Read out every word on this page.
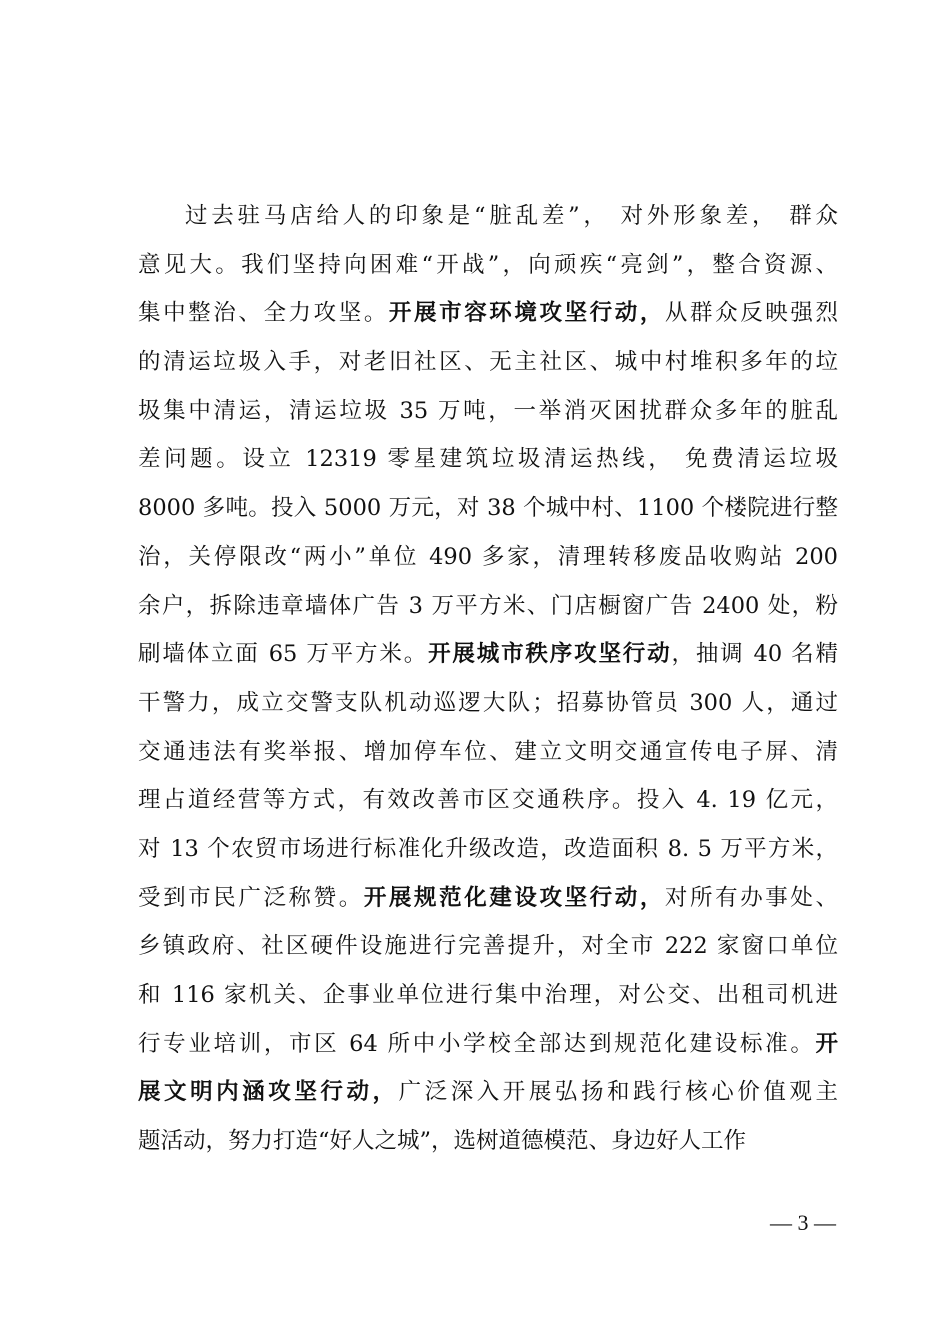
过去驻马店给人的印象是“脏乱差”， 对外形象差， 群众
意见大。我们坚持向困难“开战”，向顽疾“亮剑”，整合资源、
集中整治、全力攻坚。开展市容环境攻坚行动，从群众反映强烈
的清运垃圾入手，对老旧社区、无主社区、城中村堆积多年的垃
圾集中清运，清运垃圾 35 万吨，一举消灭困扰群众多年的脏乱
差问题。设立 12319 零星建筑垃圾清运热线， 免费清运垃圾
8000 多吨。投入 5000 万元，对 38 个城中村、1100 个楼院进行整
治，关停限改“两小”单位 490 多家，清理转移废品收购站 200
余户，拆除违章墙体广告 3 万平方米、门店橱窗广告 2400 处，粉
刷墙体立面 65 万平方米。开展城市秩序攻坚行动，抽调 40 名精
干警力，成立交警支队机动巡逻大队；招募协管员 300 人，通过
交通违法有奖举报、增加停车位、建立文明交通宣传电子屏、清
理占道经营等方式，有效改善市区交通秩序。投入 4. 19 亿元，
对 13 个农贸市场进行标准化升级改造，改造面积 8. 5 万平方米，
受到市民广泛称赞。开展规范化建设攻坚行动，对所有办事处、
乡镇政府、社区硬件设施进行完善提升，对全市 222 家窗口单位
和 116 家机关、企事业单位进行集中治理，对公交、出租司机进
行专业培训，市区 64 所中小学校全部达到规范化建设标准。开
展文明内涵攻坚行动，广泛深入开展弘扬和践行核心价值观主
题活动，努力打造“好人之城”，选树道德模范、身边好人工作
— 3 —
